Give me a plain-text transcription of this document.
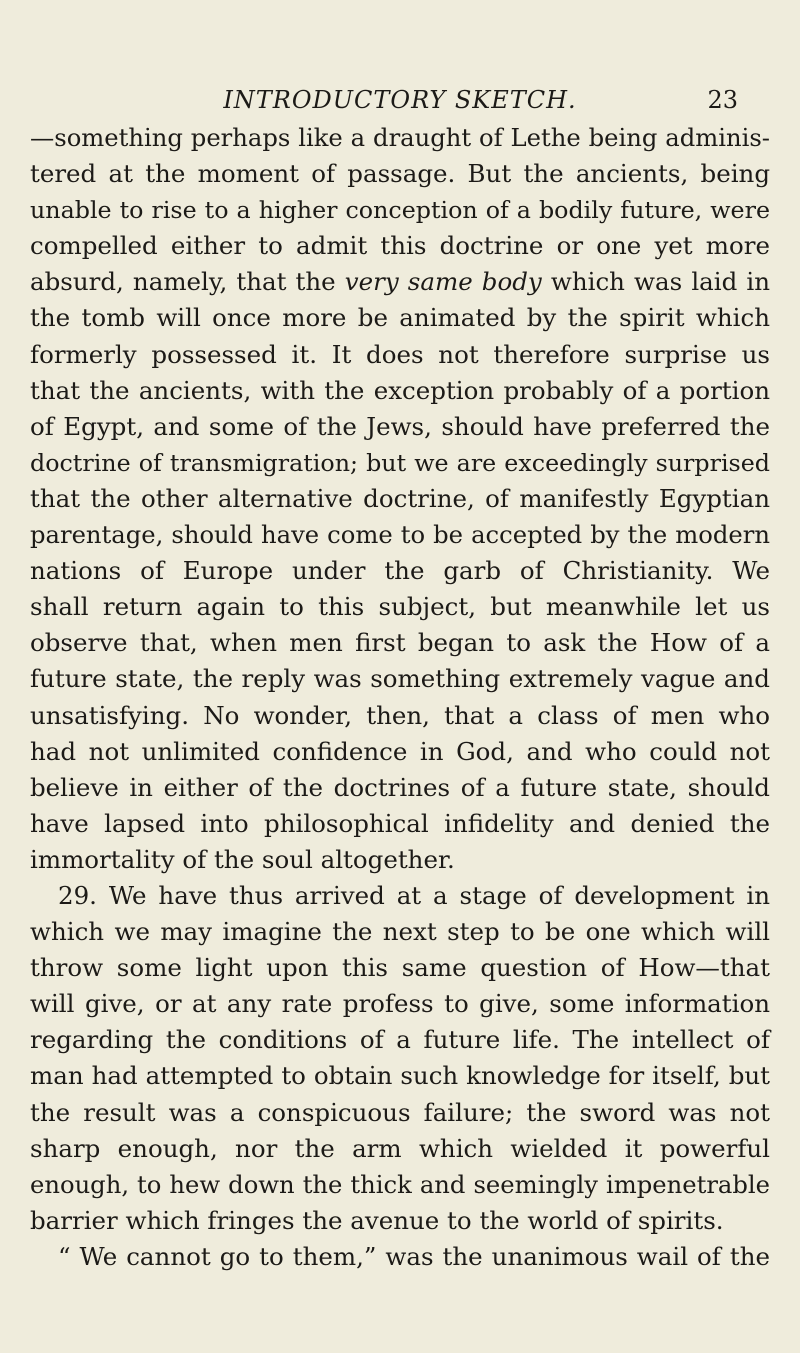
INTRODUCTORY SKETCH.	23
—something perhaps like a draught of Lethe being adminis-
tered at the moment of passage. But the ancients, being
unable to rise to a higher conception of a bodily future, were
compelled either to admit this doctrine or one yet more
absurd, namely, that the very same body which was laid in
the tomb will once more be animated by the spirit which
formerly possessed it. It does not therefore surprise us
that the ancients, with the exception probably of a portion
of Egypt, and some of the Jews, should have preferred the
doctrine of transmigration; but we are exceedingly surprised
that the other alternative doctrine, of manifestly Egyptian
parentage, should have come to be accepted by the modern
nations of Europe under the garb of Christianity. We
shall return again to this subject, but meanwhile let us
observe that, when men first began to ask the How of a
future state, the reply was something extremely vague and
unsatisfying. No wonder, then, that a class of men who
had not unlimited confidence in God, and who could not
believe in either of the doctrines of a future state, should
have lapsed into philosophical infidelity and denied the
immortality of the soul altogether.
29. We have thus arrived at a stage of development in
which we may imagine the next step to be one which will
throw some light upon this same question of How—that
will give, or at any rate profess to give, some information
regarding the conditions of a future life. The intellect of
man had attempted to obtain such knowledge for itself, but
the result was a conspicuous failure; the sword was not
sharp enough, nor the arm which wielded it powerful
enough, to hew down the thick and seemingly impenetrable
barrier which fringes the avenue to the world of spirits.
“ We cannot go to them,” was the unanimous wail of the
